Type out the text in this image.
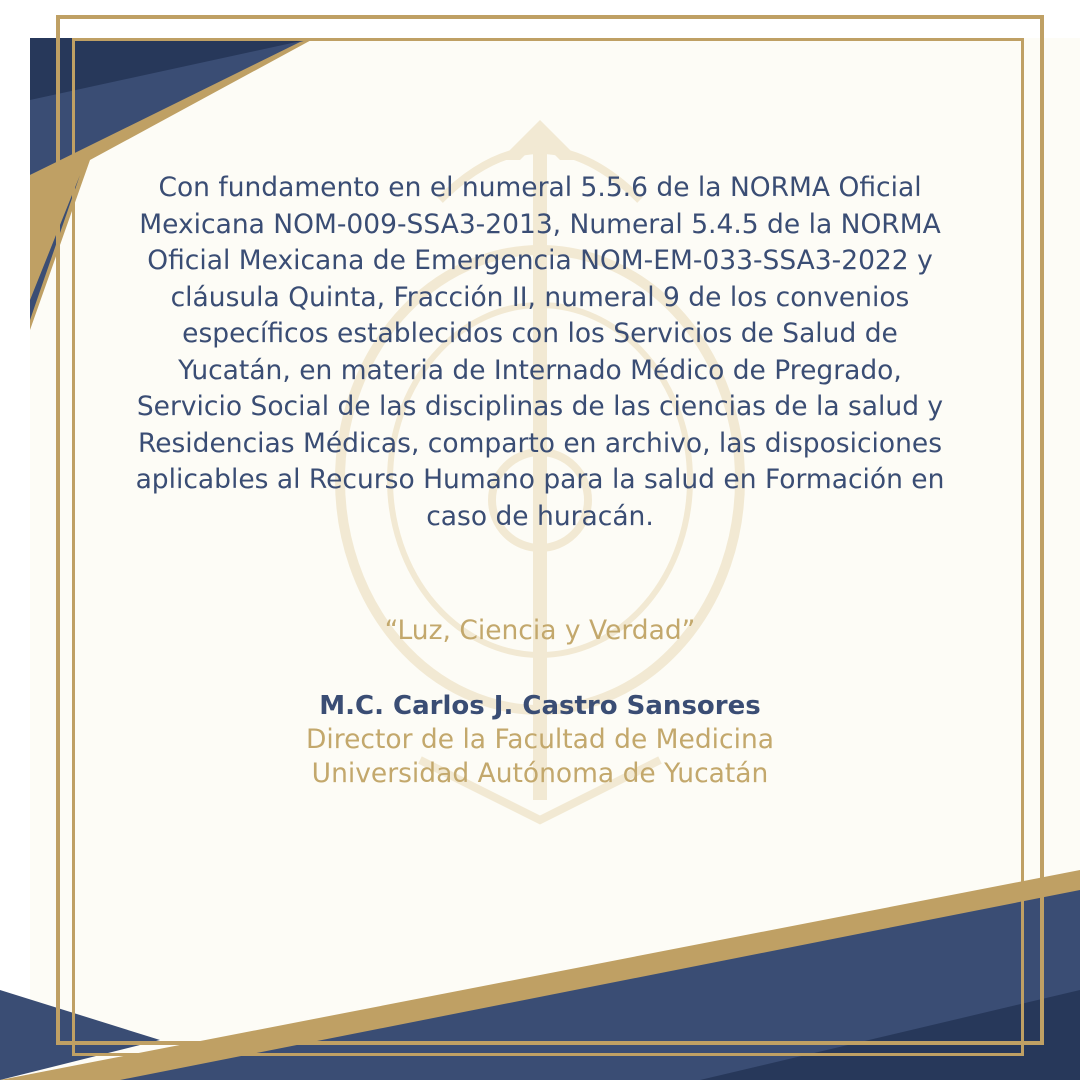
Con fundamento en el numeral 5.5.6 de la NORMA Oficial Mexicana NOM-009-SSA3-2013, Numeral 5.4.5 de la NORMA Oficial Mexicana de Emergencia NOM-EM-033-SSA3-2022 y cláusula Quinta, Fracción II, numeral 9 de los convenios específicos establecidos con los Servicios de Salud de Yucatán, en materia de Internado Médico de Pregrado, Servicio Social de las disciplinas de las ciencias de la salud y Residencias Médicas, comparto en archivo, las disposiciones aplicables al Recurso Humano para la salud en Formación en caso de huracán.

“Luz, Ciencia y Verdad”

M.C. Carlos J. Castro Sansores

Director de la Facultad de Medicina

Universidad Autónoma de Yucatán
